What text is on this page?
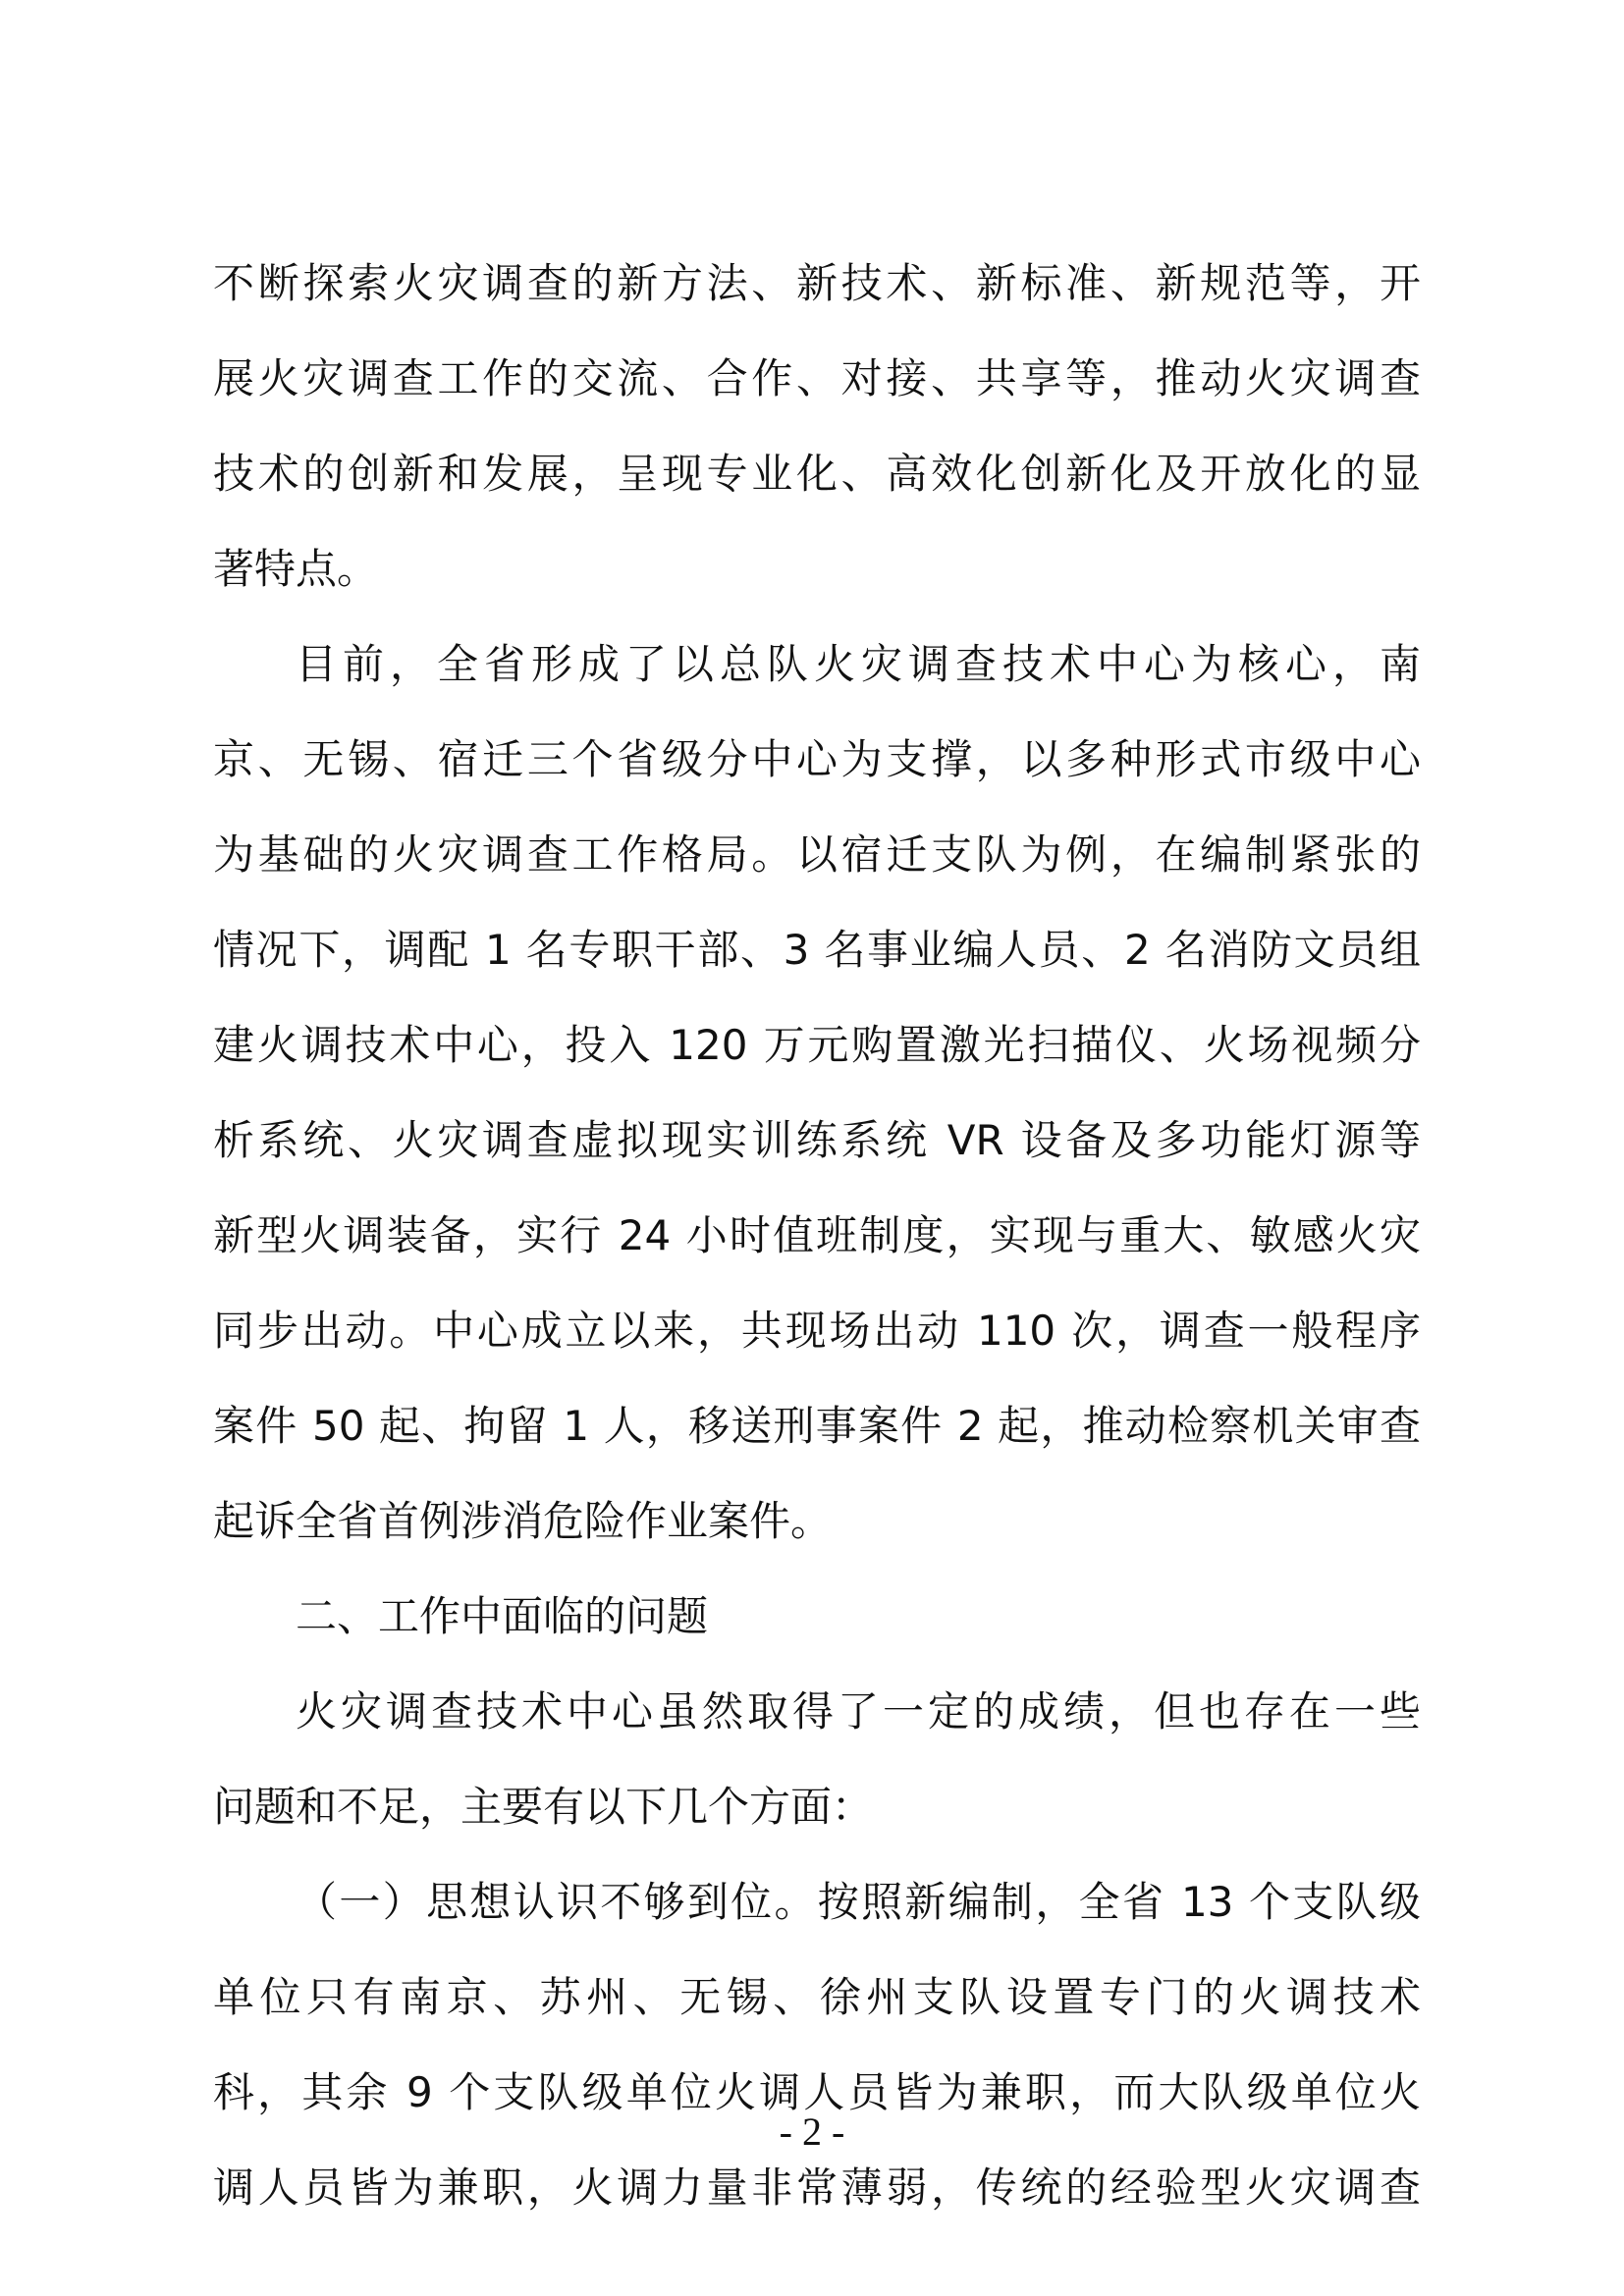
不断探索火灾调查的新方法、新技术、新标准、新规范等，开
展火灾调查工作的交流、合作、对接、共享等，推动火灾调查
技术的创新和发展，呈现专业化、高效化创新化及开放化的显
著特点。
目前，全省形成了以总队火灾调查技术中心为核心，南
京、无锡、宿迁三个省级分中心为支撑，以多种形式市级中心
为基础的火灾调查工作格局。以宿迁支队为例，在编制紧张的
情况下，调配 1 名专职干部、3 名事业编人员、2 名消防文员组
建火调技术中心，投入 120 万元购置激光扫描仪、火场视频分
析系统、火灾调查虚拟现实训练系统 VR 设备及多功能灯源等
新型火调装备，实行 24 小时值班制度，实现与重大、敏感火灾
同步出动。中心成立以来，共现场出动 110 次，调查一般程序
案件 50 起、拘留 1 人，移送刑事案件 2 起，推动检察机关审查
起诉全省首例涉消危险作业案件。
二、工作中面临的问题
火灾调查技术中心虽然取得了一定的成绩，但也存在一些
问题和不足，主要有以下几个方面：
（一）思想认识不够到位。按照新编制，全省 13 个支队级
单位只有南京、苏州、无锡、徐州支队设置专门的火调技术
科，其余 9 个支队级单位火调人员皆为兼职，而大队级单位火
调人员皆为兼职，火调力量非常薄弱，传统的经验型火灾调查
- 2 -
